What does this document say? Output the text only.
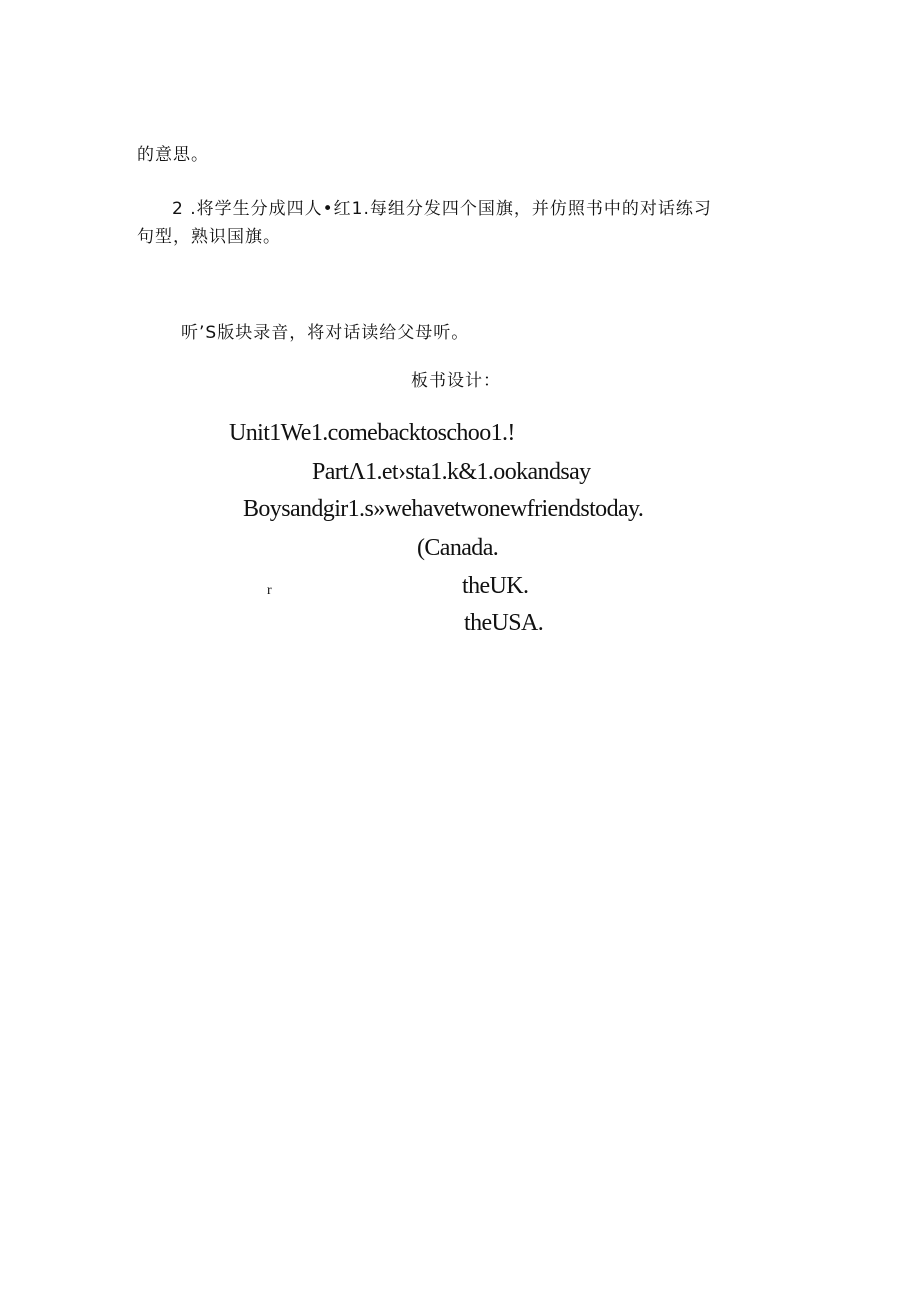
的意思。
2 .将学生分成四人•红1.每组分发四个国旗，并仿照书中的对话练习
句型，熟识国旗。
听’S版块录音，将对话读给父母听。
板书设计：
Unit1We1.comebacktoschoo1.!
PartΛ1.et›sta1.k&1.ookandsay
Boysandgir1.s»wehavetwonewfriendstoday.
(Canada.
r	theUK.
theUSA.
